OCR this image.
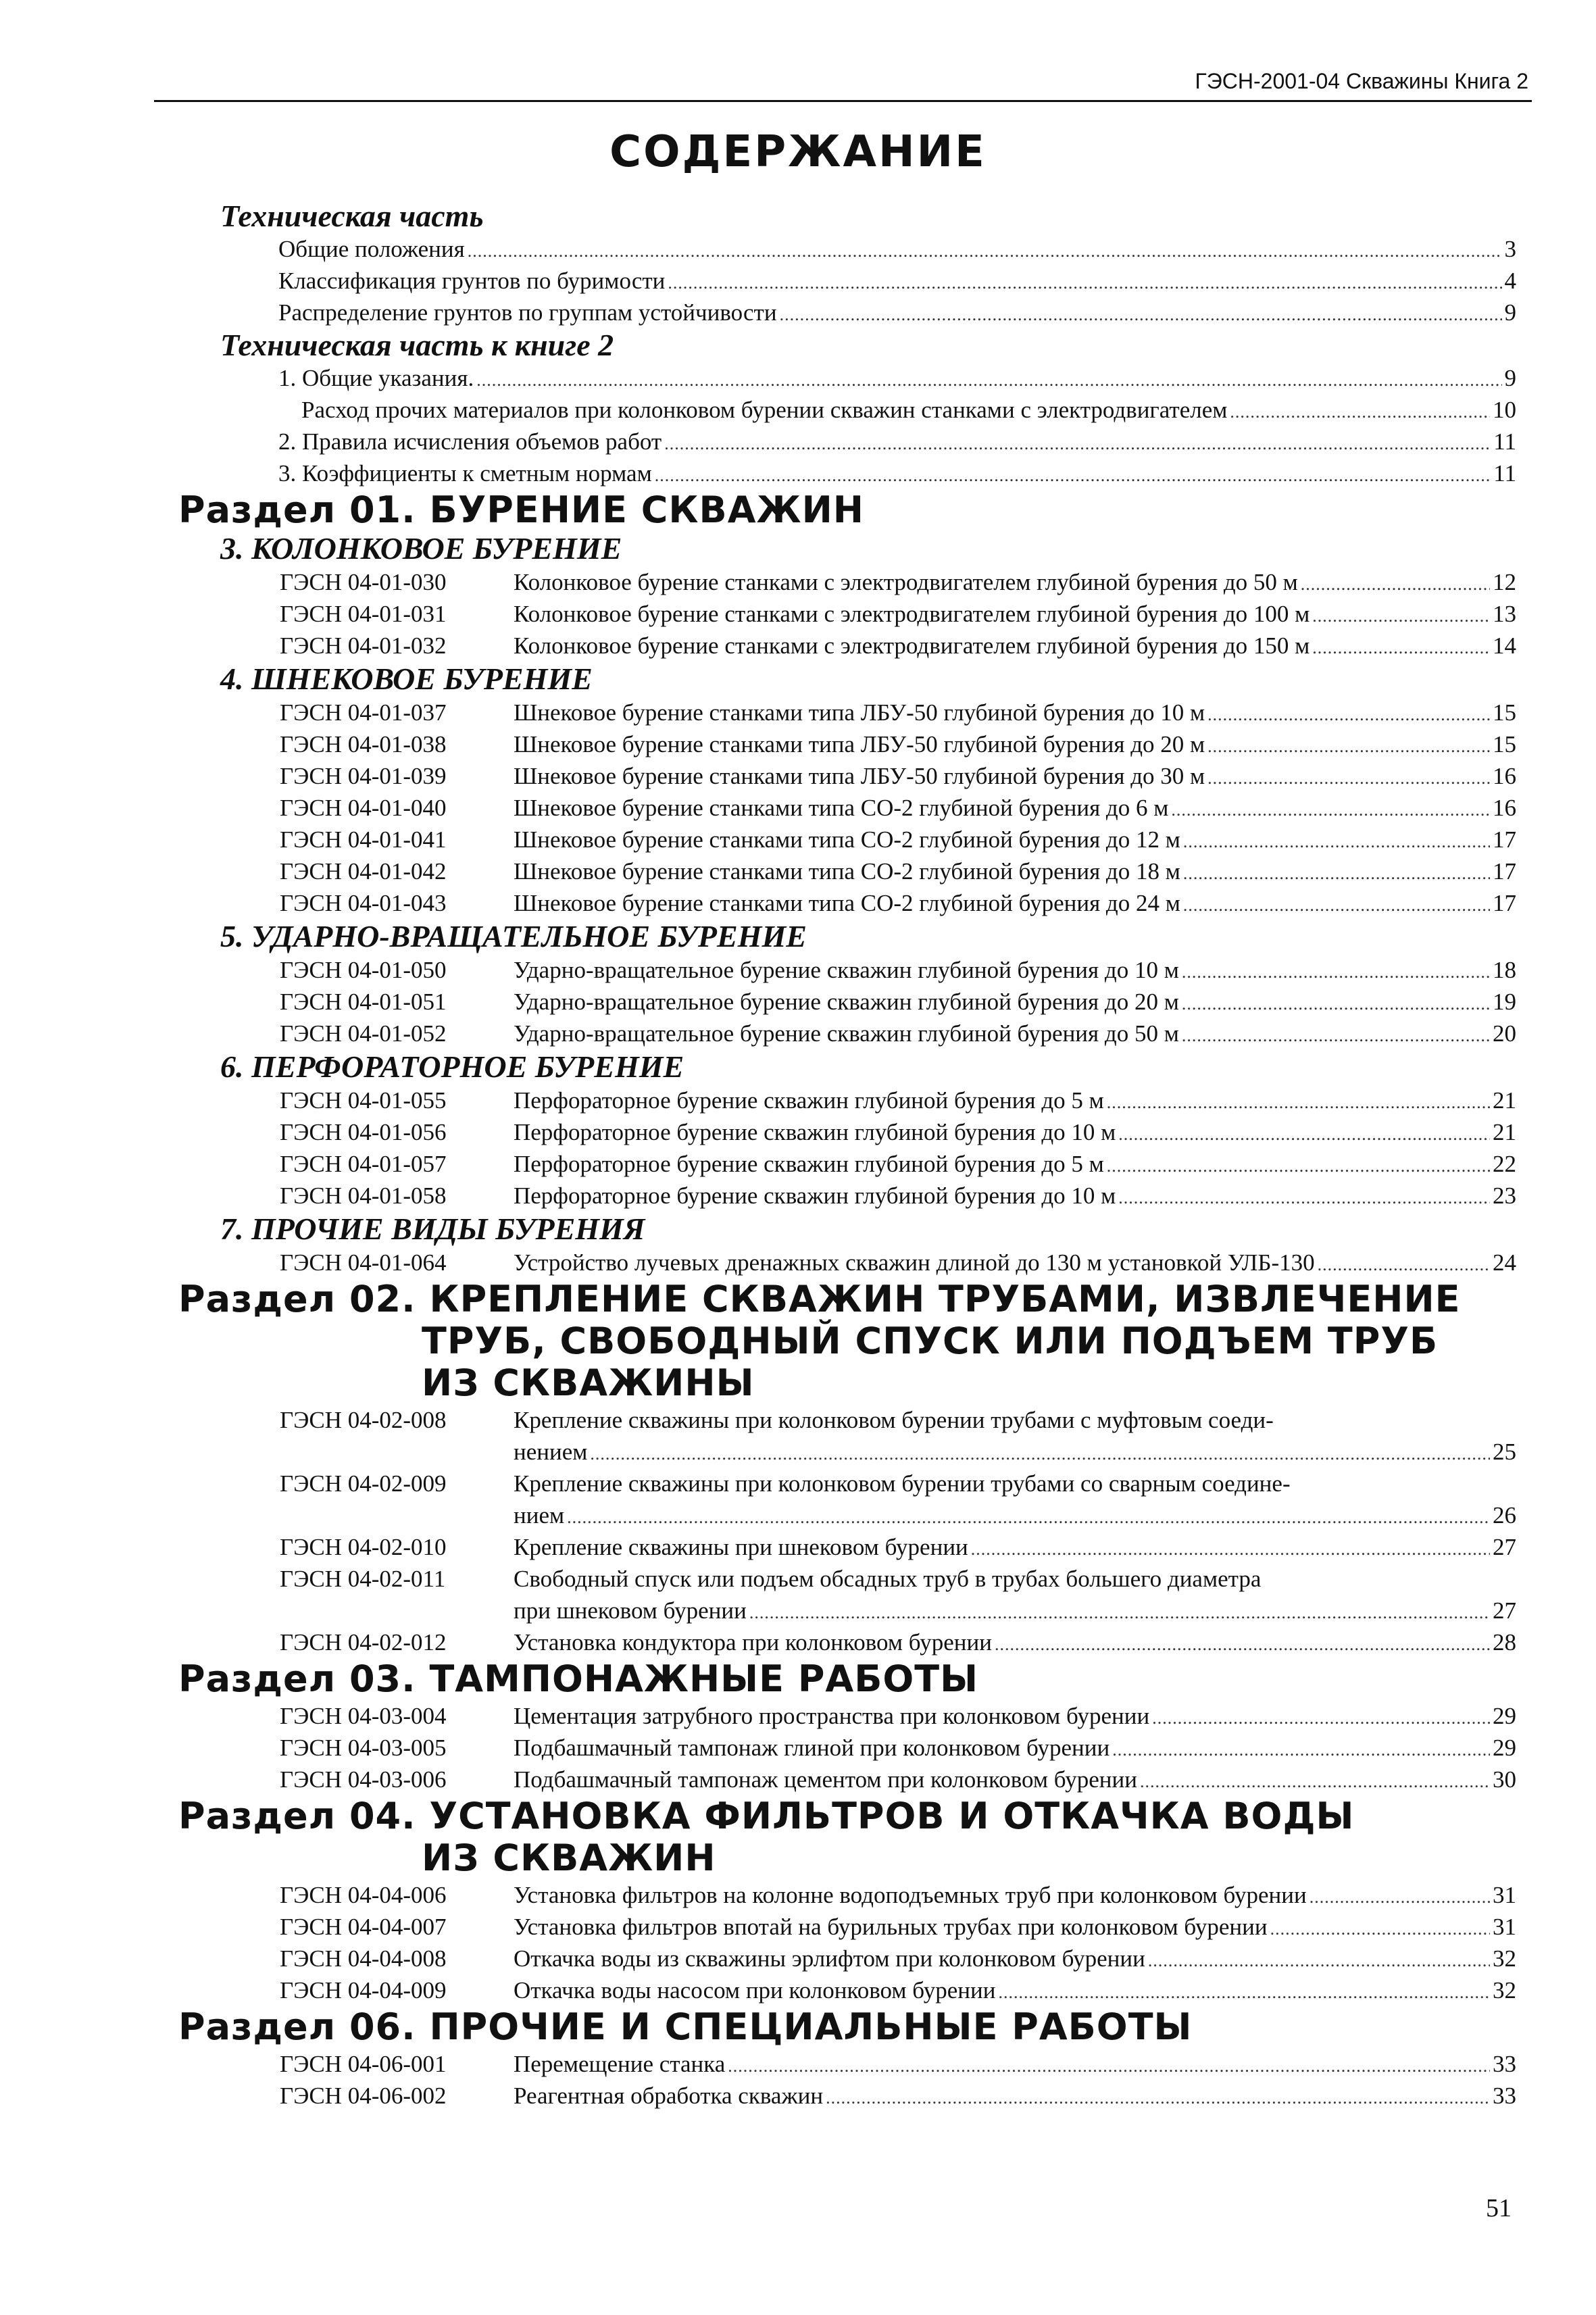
ГЭСН-2001-04 Скважины Книга 2
СОДЕРЖАНИЕ
Техническая часть
Общие положения .....	3
Классификация грунтов по буримости .....	4
Распределение грунтов по группам устойчивости .....	9
Техническая часть к книге 2
1. Общие указания. .....	9
Расход прочих материалов при колонковом бурении скважин станками с электродвигателем .....	10
2. Правила исчисления объемов работ .....	11
3. Коэффициенты к сметным нормам .....	11
Раздел 01. БУРЕНИЕ СКВАЖИН
3. КОЛОНКОВОЕ БУРЕНИЕ
ГЭСН 04-01-030	Колонковое бурение станками с электродвигателем глубиной бурения до 50 м .....	12
ГЭСН 04-01-031	Колонковое бурение станками с электродвигателем глубиной бурения до 100 м .....	13
ГЭСН 04-01-032	Колонковое бурение станками с электродвигателем глубиной бурения до 150 м .....	14
4. ШНЕКОВОЕ БУРЕНИЕ
ГЭСН 04-01-037	Шнековое бурение станками типа ЛБУ-50 глубиной бурения до 10 м .....	15
ГЭСН 04-01-038	Шнековое бурение станками типа ЛБУ-50 глубиной бурения до 20 м .....	15
ГЭСН 04-01-039	Шнековое бурение станками типа ЛБУ-50 глубиной бурения до 30 м .....	16
ГЭСН 04-01-040	Шнековое бурение станками типа СО-2 глубиной бурения до 6 м .....	16
ГЭСН 04-01-041	Шнековое бурение станками типа СО-2 глубиной бурения до 12 м .....	17
ГЭСН 04-01-042	Шнековое бурение станками типа СО-2 глубиной бурения до 18 м .....	17
ГЭСН 04-01-043	Шнековое бурение станками типа СО-2 глубиной бурения до 24 м .....	17
5. УДАРНО-ВРАЩАТЕЛЬНОЕ БУРЕНИЕ
ГЭСН 04-01-050	Ударно-вращательное бурение скважин глубиной бурения до 10 м .....	18
ГЭСН 04-01-051	Ударно-вращательное бурение скважин глубиной бурения до 20 м .....	19
ГЭСН 04-01-052	Ударно-вращательное бурение скважин глубиной бурения до 50 м .....	20
6. ПЕРФОРАТОРНОЕ БУРЕНИЕ
ГЭСН 04-01-055	Перфораторное бурение скважин глубиной бурения до 5 м .....	21
ГЭСН 04-01-056	Перфораторное бурение скважин глубиной бурения до 10 м .....	21
ГЭСН 04-01-057	Перфораторное бурение скважин глубиной бурения до 5 м .....	22
ГЭСН 04-01-058	Перфораторное бурение скважин глубиной бурения до 10 м .....	23
7. ПРОЧИЕ ВИДЫ БУРЕНИЯ
ГЭСН 04-01-064	Устройство лучевых дренажных скважин длиной до 130 м установкой УЛБ-130 .....	24
Раздел 02. КРЕПЛЕНИЕ СКВАЖИН ТРУБАМИ, ИЗВЛЕЧЕНИЕ
ТРУБ, СВОБОДНЫЙ СПУСК ИЛИ ПОДЪЕМ ТРУБ
ИЗ СКВАЖИНЫ
ГЭСН 04-02-008	Крепление скважины при колонковом бурении трубами с муфтовым соеди-
нением .....	25
ГЭСН 04-02-009	Крепление скважины при колонковом бурении трубами со сварным соедине-
нием .....	26
ГЭСН 04-02-010	Крепление скважины при шнековом бурении .....	27
ГЭСН 04-02-011	Свободный спуск или подъем обсадных труб в трубах большего диаметра
при шнековом бурении .....	27
ГЭСН 04-02-012	Установка кондуктора при колонковом бурении .....	28
Раздел 03. ТАМПОНАЖНЫЕ РАБОТЫ
ГЭСН 04-03-004	Цементация затрубного пространства при колонковом бурении .....	29
ГЭСН 04-03-005	Подбашмачный тампонаж глиной при колонковом бурении .....	29
ГЭСН 04-03-006	Подбашмачный тампонаж цементом при колонковом бурении .....	30
Раздел 04. УСТАНОВКА ФИЛЬТРОВ И ОТКАЧКА ВОДЫ
ИЗ СКВАЖИН
ГЭСН 04-04-006	Установка фильтров на колонне водоподъемных труб при колонковом бурении .....	31
ГЭСН 04-04-007	Установка фильтров впотай на бурильных трубах при колонковом бурении .....	31
ГЭСН 04-04-008	Откачка воды из скважины эрлифтом при колонковом бурении .....	32
ГЭСН 04-04-009	Откачка воды насосом при колонковом бурении .....	32
Раздел 06. ПРОЧИЕ И СПЕЦИАЛЬНЫЕ РАБОТЫ
ГЭСН 04-06-001	Перемещение станка .....	33
ГЭСН 04-06-002	Реагентная обработка скважин .....	33
51
